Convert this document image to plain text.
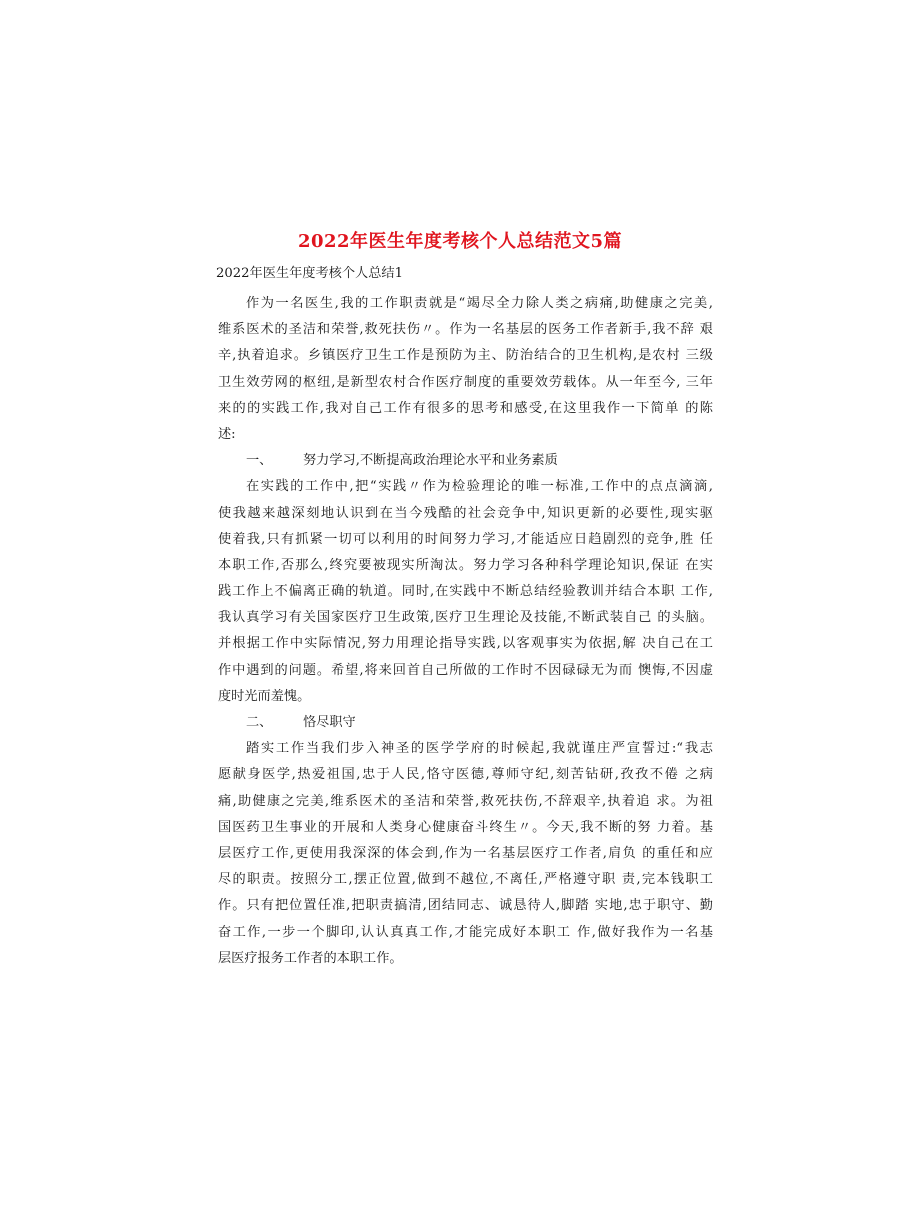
2022年医生年度考核个人总结范文5篇
2022年医生年度考核个人总结1
作为一名医生,我的工作职责就是“竭尽全力除人类之病痛,助健康之完美,
维系医术的圣洁和荣誉,救死扶伤〃。作为一名基层的医务工作者新手,我不辞 艰
辛,执着追求。乡镇医疗卫生工作是预防为主、防治结合的卫生机构,是农村 三级
卫生效劳网的枢纽,是新型农村合作医疗制度的重要效劳载体。从一年至今, 三年
来的的实践工作,我对自己工作有很多的思考和感受,在这里我作一下简单 的陈
述:
一、 努力学习,不断提高政治理论水平和业务素质
在实践的工作中,把“实践〃作为检验理论的唯一标准,工作中的点点滴滴,
使我越来越深刻地认识到在当今残酷的社会竞争中,知识更新的必要性,现实驱
使着我,只有抓紧一切可以利用的时间努力学习,才能适应日趋剧烈的竞争,胜 任
本职工作,否那么,终究要被现实所淘汰。努力学习各种科学理论知识,保证 在实
践工作上不偏离正确的轨道。同时,在实践中不断总结经验教训并结合本职 工作,
我认真学习有关国家医疗卫生政策,医疗卫生理论及技能,不断武装自己 的头脑。
并根据工作中实际情况,努力用理论指导实践,以客观事实为依据,解 决自己在工
作中遇到的问题。希望,将来回首自己所做的工作时不因碌碌无为而 懊悔,不因虚
度时光而羞愧。
二、 恪尽职守
踏实工作当我们步入神圣的医学学府的时候起,我就谨庄严宣誓过:“我志
愿献身医学,热爱祖国,忠于人民,恪守医德,尊师守纪,刻苦钻研,孜孜不倦 之病
痛,助健康之完美,维系医术的圣洁和荣誉,救死扶伤,不辞艰辛,执着追 求。为祖
国医药卫生事业的开展和人类身心健康奋斗终生〃。今天,我不断的努 力着。基
层医疗工作,更使用我深深的体会到,作为一名基层医疗工作者,肩负 的重任和应
尽的职责。按照分工,摆正位置,做到不越位,不离任,严格遵守职 责,完本钱职工
作。只有把位置任准,把职责搞清,团结同志、诚恳待人,脚踏 实地,忠于职守、勤
奋工作,一步一个脚印,认认真真工作,才能完成好本职工 作,做好我作为一名基
层医疗报务工作者的本职工作。
